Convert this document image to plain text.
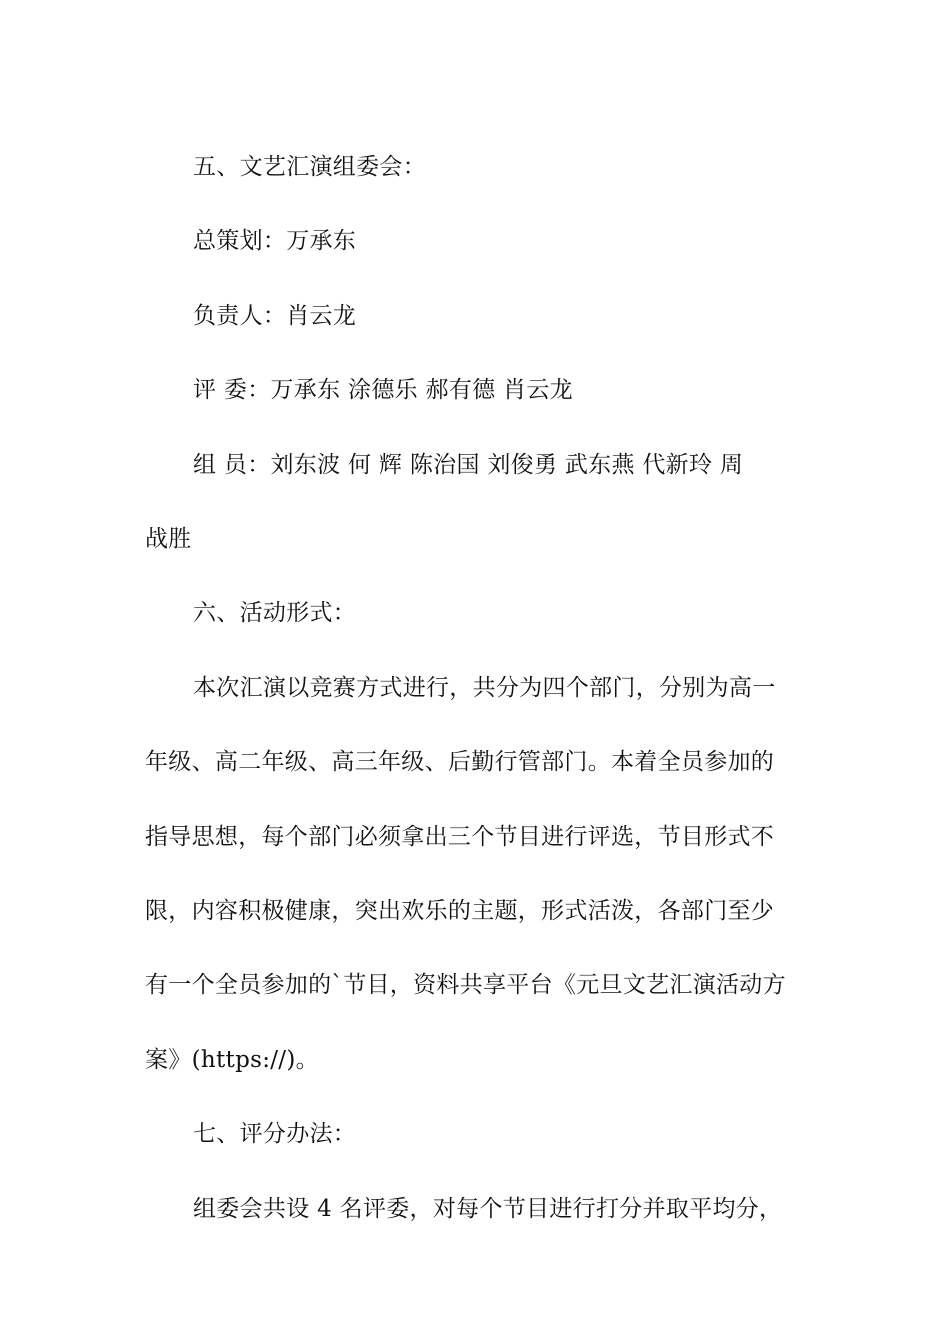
五、文艺汇演组委会：

总策划：万承东

负责人：肖云龙

评 委：万承东 涂德乐 郝有德 肖云龙

组 员：刘东波 何 辉 陈治国 刘俊勇 武东燕 代新玲 周

战胜

六、活动形式：

本次汇演以竞赛方式进行，共分为四个部门，分别为高一

年级、高二年级、高三年级、后勤行管部门。本着全员参加的

指导思想，每个部门必须拿出三个节目进行评选，节目形式不

限，内容积极健康，突出欢乐的主题，形式活泼，各部门至少

有一个全员参加的`节目，资料共享平台《元旦文艺汇演活动方

案》(https://)。

七、评分办法：

组委会共设 4 名评委，对每个节目进行打分并取平均分，
